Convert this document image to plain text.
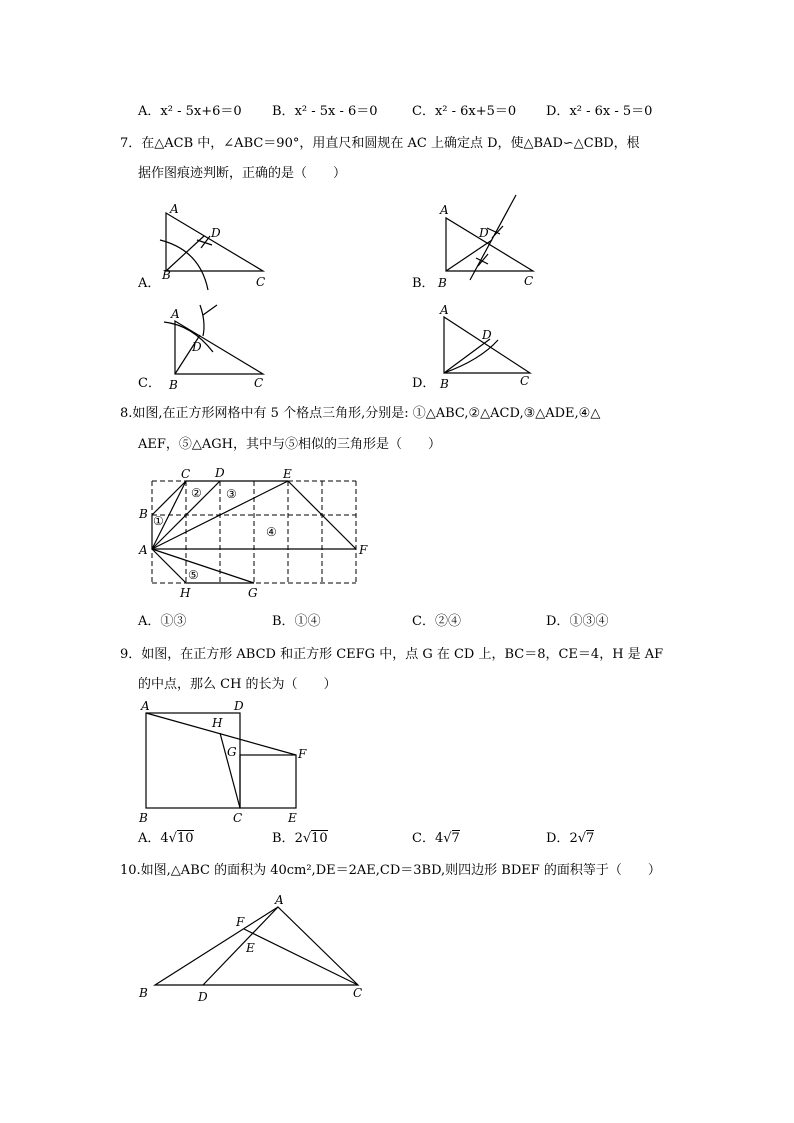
A．x² - 5x+6＝0 B．x² - 5x - 6＝0	C．x² - 6x+5＝0 D．x² - 6x - 5＝0
7．在△ACB 中，∠ABC＝90°，用直尺和圆规在 AC 上确定点 D，使△BAD∽△CBD，根
据作图痕迹判断，正确的是（　　）
A．
A
D
B	C	B．
A
D
B	C
C．
A
D
B	C	D．
A
D
B	C
8.如图,在正方形网格中有 5 个格点三角形,分别是: ①△ABC,②△ACD,③△ADE,④△
AEF，⑤△AGH，其中与⑤相似的三角形是（　　）
C D	E
B
A	F
H	G
①
② ③
④
⑤
A．①③	B．①④	C．②④	D．①③④
9．如图，在正方形 ABCD 和正方形 CEFG 中，点 G 在 CD 上，BC＝8，CE＝4，H 是 AF
的中点，那么 CH 的长为（　　）
A	D
H
G	F
B	C	E
A．4√10	B．2√10	C．4√7	D．2√7
10.如图,△ABC 的面积为 40cm²,DE＝2AE,CD＝3BD,则四边形 BDEF 的面积等于（　　）
A
F
E
B	D	C
